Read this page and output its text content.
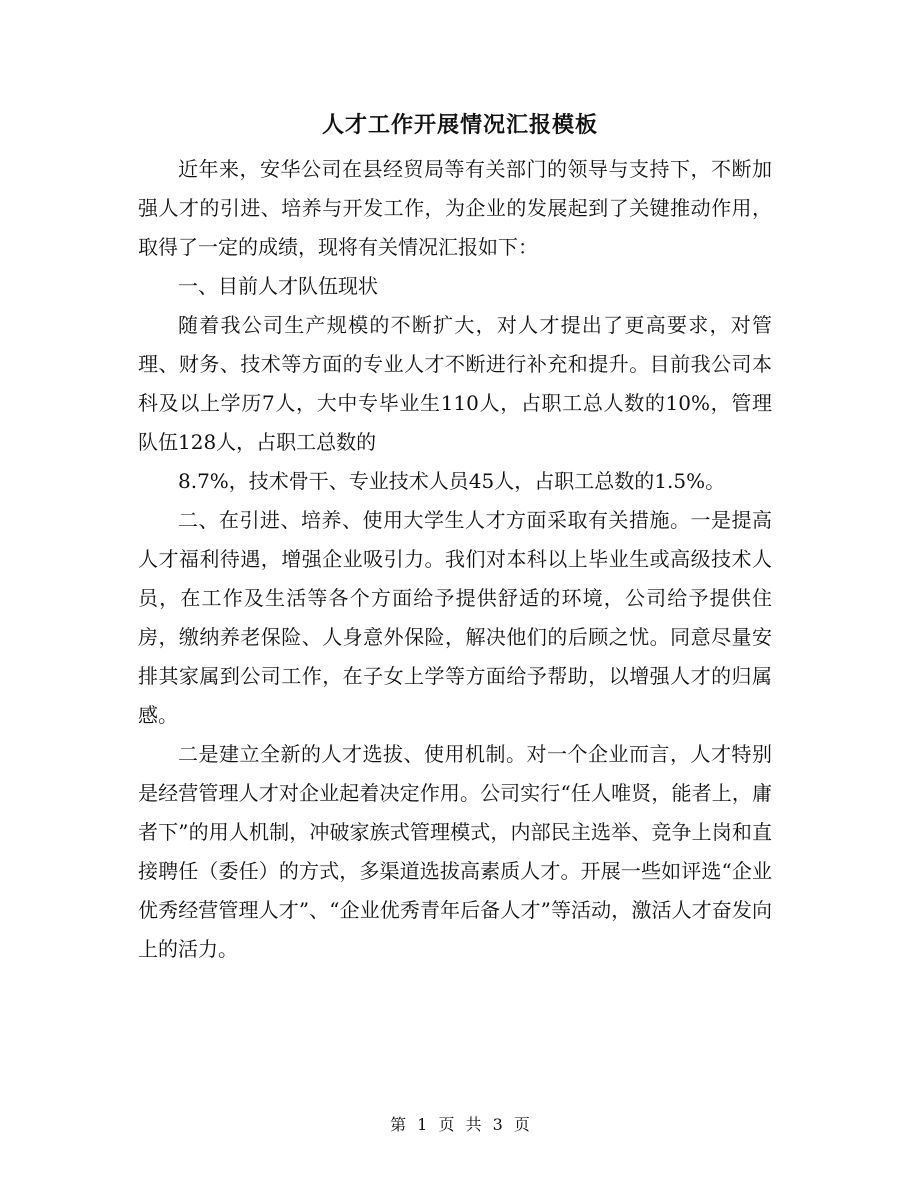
人才工作开展情况汇报模板

近年来，安华公司在县经贸局等有关部门的领导与支持下，不断加强人才的引进、培养与开发工作，为企业的发展起到了关键推动作用，取得了一定的成绩，现将有关情况汇报如下：

一、目前人才队伍现状

随着我公司生产规模的不断扩大，对人才提出了更高要求，对管理、财务、技术等方面的专业人才不断进行补充和提升。目前我公司本科及以上学历7人，大中专毕业生110人，占职工总人数的10%，管理队伍128人，占职工总数的

8.7%，技术骨干、专业技术人员45人，占职工总数的1.5%。

二、在引进、培养、使用大学生人才方面采取有关措施。一是提高人才福利待遇，增强企业吸引力。我们对本科以上毕业生或高级技术人员，在工作及生活等各个方面给予提供舒适的环境，公司给予提供住房，缴纳养老保险、人身意外保险，解决他们的后顾之忧。同意尽量安排其家属到公司工作，在子女上学等方面给予帮助，以增强人才的归属感。

二是建立全新的人才选拔、使用机制。对一个企业而言，人才特别是经营管理人才对企业起着决定作用。公司实行“任人唯贤，能者上，庸者下”的用人机制，冲破家族式管理模式，内部民主选举、竞争上岗和直接聘任（委任）的方式，多渠道选拔高素质人才。开展一些如评选“企业优秀经营管理人才”、“企业优秀青年后备人才”等活动，激活人才奋发向上的活力。

第 1 页 共 3 页
